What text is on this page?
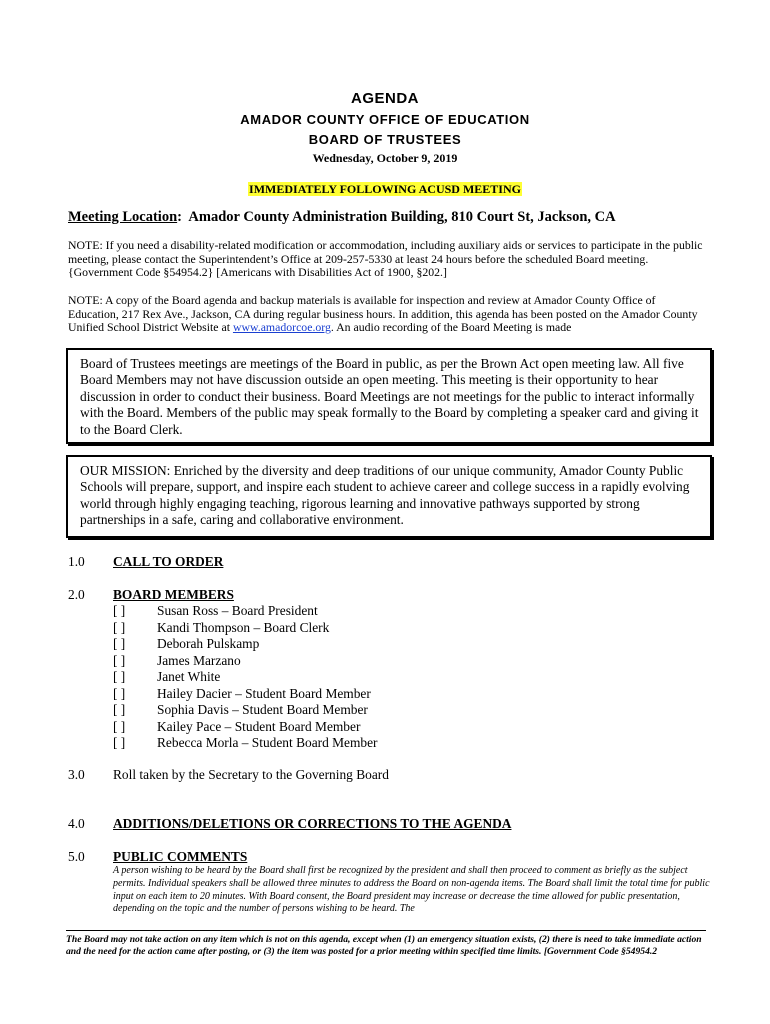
AGENDA
AMADOR COUNTY OFFICE OF EDUCATION
BOARD OF TRUSTEES
Wednesday, October 9, 2019
IMMEDIATELY FOLLOWING ACUSD MEETING
Meeting Location:  Amador County Administration Building, 810 Court St, Jackson, CA
NOTE: If you need a disability-related modification or accommodation, including auxiliary aids or services to participate in the public meeting, please contact the Superintendent’s Office at 209-257-5330 at least 24 hours before the scheduled Board meeting. {Government Code §54954.2} [Americans with Disabilities Act of 1900, §202.]
NOTE: A copy of the Board agenda and backup materials is available for inspection and review at Amador County Office of Education, 217 Rex Ave., Jackson, CA during regular business hours. In addition, this agenda has been posted on the Amador County Unified School District Website at www.amadorcoe.org. An audio recording of the Board Meeting is made
Board of Trustees meetings are meetings of the Board in public, as per the Brown Act open meeting law. All five Board Members may not have discussion outside an open meeting. This meeting is their opportunity to hear discussion in order to conduct their business. Board Meetings are not meetings for the public to interact informally with the Board. Members of the public may speak formally to the Board by completing a speaker card and giving it to the Board Clerk.
OUR MISSION: Enriched by the diversity and deep traditions of our unique community, Amador County Public Schools will prepare, support, and inspire each student to achieve career and college success in a rapidly evolving world through highly engaging teaching, rigorous learning and innovative pathways supported by strong partnerships in a safe, caring and collaborative environment.
1.0 CALL TO ORDER
2.0 BOARD MEMBERS
[ ] Susan Ross – Board President
[ ] Kandi Thompson – Board Clerk
[ ] Deborah Pulskamp
[ ] James Marzano
[ ] Janet White
[ ] Hailey Dacier – Student Board Member
[ ] Sophia Davis – Student Board Member
[ ] Kailey Pace – Student Board Member
[ ] Rebecca Morla – Student Board Member
3.0 Roll taken by the Secretary to the Governing Board
4.0 ADDITIONS/DELETIONS OR CORRECTIONS TO THE AGENDA
5.0 PUBLIC COMMENTS
A person wishing to be heard by the Board shall first be recognized by the president and shall then proceed to comment as briefly as the subject permits. Individual speakers shall be allowed three minutes to address the Board on non-agenda items. The Board shall limit the total time for public input on each item to 20 minutes. With Board consent, the Board president may increase or decrease the time allowed for public presentation, depending on the topic and the number of persons wishing to be heard. The
The Board may not take action on any item which is not on this agenda, except when (1) an emergency situation exists, (2) there is need to take immediate action and the need for the action came after posting, or (3) the item was posted for a prior meeting within specified time limits. [Government Code §54954.2
